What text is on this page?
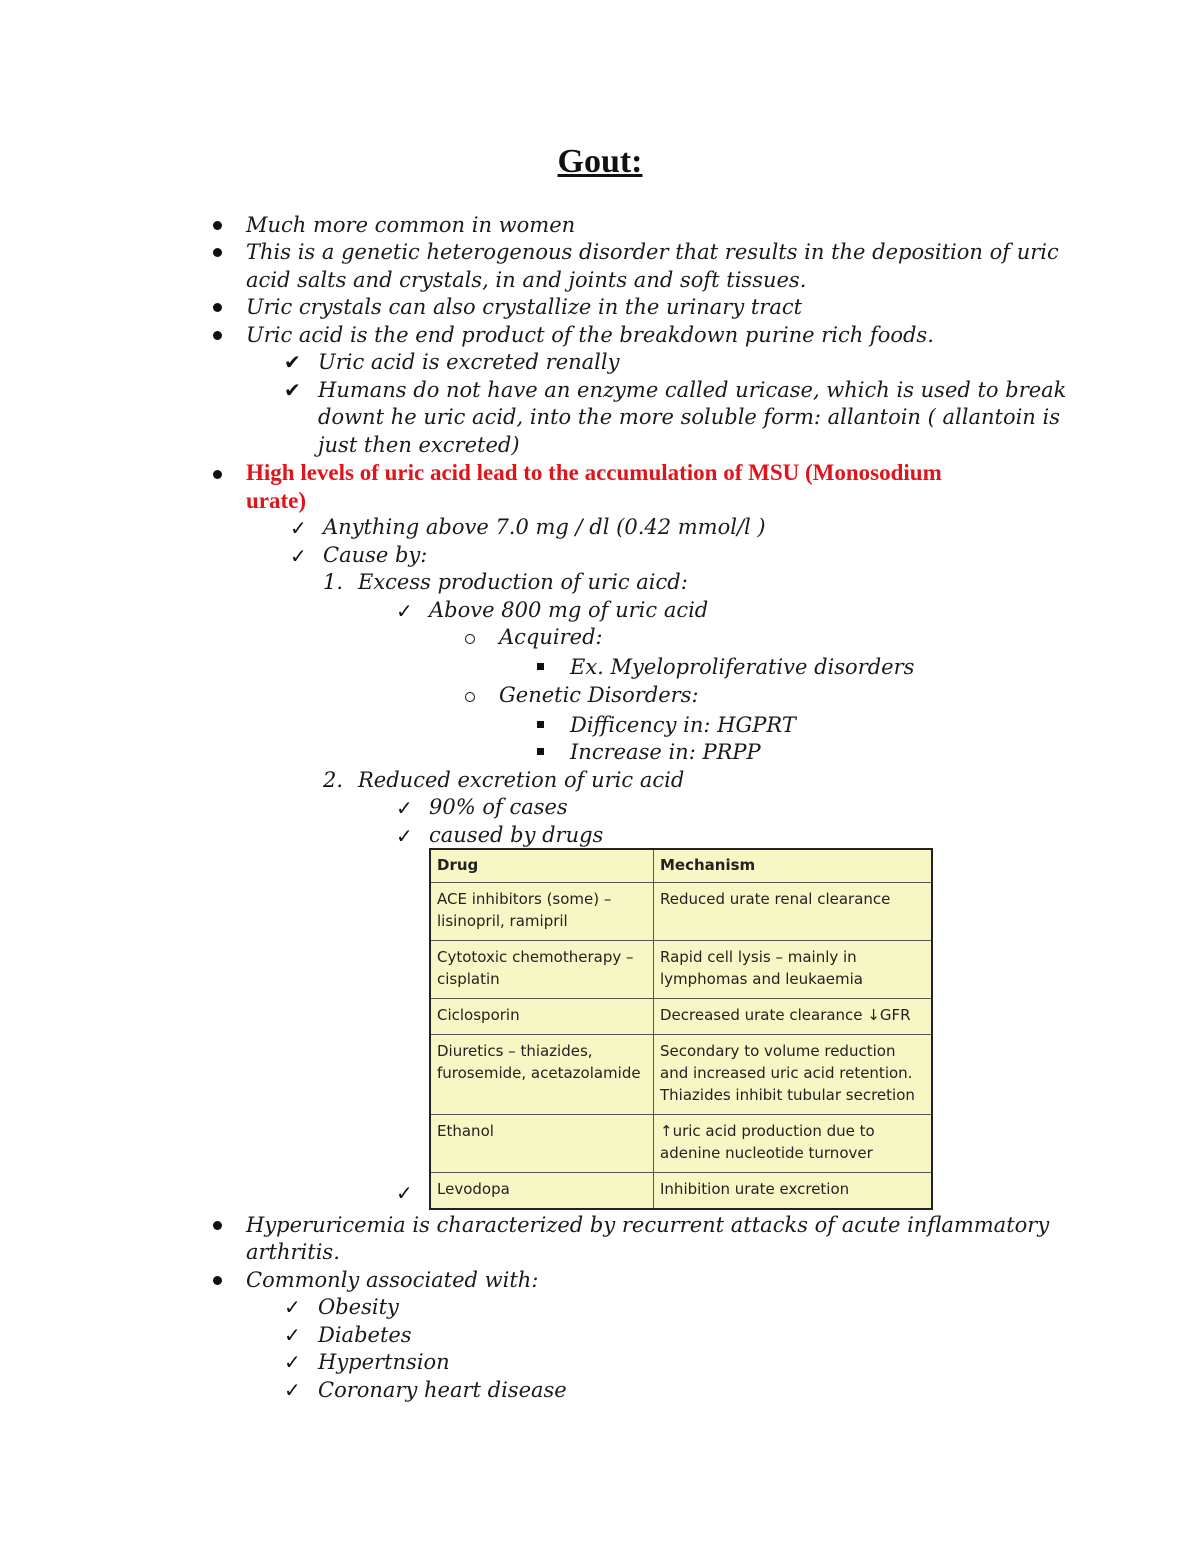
Gout:

Much more common in women

This is a genetic heterogenous disorder that results in the deposition of uric

acid salts and crystals, in and joints and soft tissues.

Uric crystals can also crystallize in the urinary tract

Uric acid is the end product of the breakdown purine rich foods.

✔ Uric acid is excreted renally

✔ Humans do not have an enzyme called uricase, which is used to break

downt he uric acid, into the more soluble form: allantoin ( allantoin is

just then excreted)

High levels of uric acid lead to the accumulation of MSU (Monosodium

urate)

✓ Anything above 7.0 mg / dl (0.42 mmol/l )

✓ Cause by:

1. Excess production of uric aicd:

✓ Above 800 mg of uric acid

Acquired:

Ex. Myeloproliferative disorders

Genetic Disorders:

Difficency in: HGPRT

Increase in: PRPP

2. Reduced excretion of uric acid

✓ 90% of cases

✓ caused by drugs

Drug	Mechanism
ACE inhibitors (some) –
lisinopril, ramipril	Reduced urate renal clearance
Cytotoxic chemotherapy –
cisplatin	Rapid cell lysis – mainly in
lymphomas and leukaemia
Ciclosporin	Decreased urate clearance ↓GFR
Diuretics – thiazides,
furosemide, acetazolamide	Secondary to volume reduction
and increased uric acid retention.
Thiazides inhibit tubular secretion
Ethanol	↑uric acid production due to
adenine nucleotide turnover
Levodopa	Inhibition urate excretion
✓

Hyperuricemia is characterized by recurrent attacks of acute inflammatory

arthritis.

Commonly associated with:

✓ Obesity

✓ Diabetes

✓ Hypertnsion

✓ Coronary heart disease
